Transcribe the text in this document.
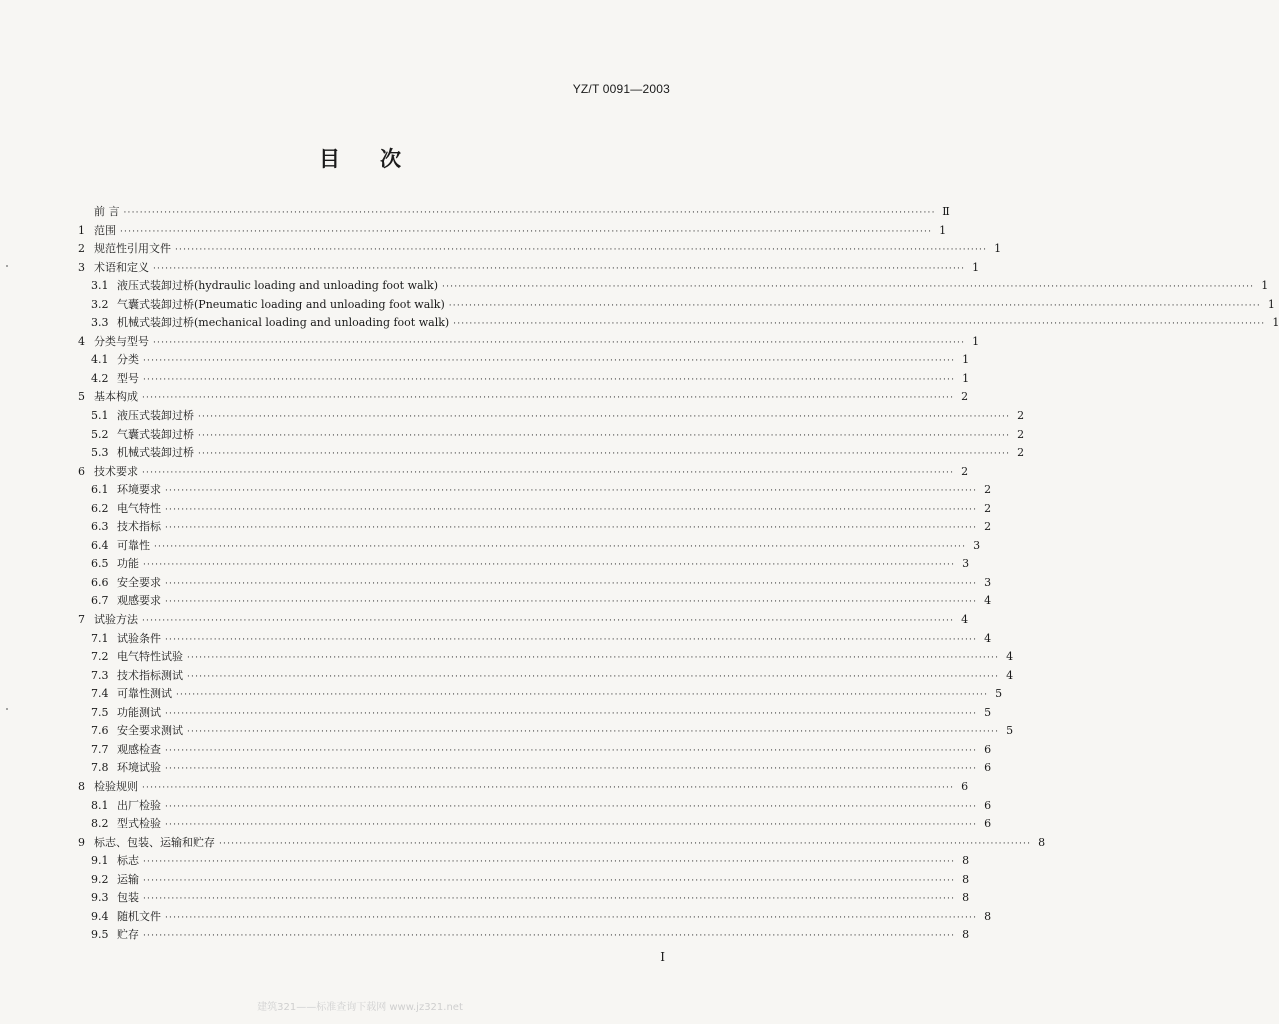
YZ/T 0091—2003
目 次
前 言 ········································································································································································································ Ⅱ
1 范围 ········································································································································································································ 1
2 规范性引用文件 ········································································································································································································ 1
3 术语和定义 ········································································································································································································ 1
3.1 液压式装卸过桥(hydraulic loading and unloading foot walk) ········································································································································································································ 1
3.2 气囊式装卸过桥(Pneumatic loading and unloading foot walk) ········································································································································································································ 1
3.3 机械式装卸过桥(mechanical loading and unloading foot walk) ········································································································································································································ 1
4 分类与型号 ········································································································································································································ 1
4.1 分类 ········································································································································································································ 1
4.2 型号 ········································································································································································································ 1
5 基本构成 ········································································································································································································ 2
5.1 液压式装卸过桥 ········································································································································································································ 2
5.2 气囊式装卸过桥 ········································································································································································································ 2
5.3 机械式装卸过桥 ········································································································································································································ 2
6 技术要求 ········································································································································································································ 2
6.1 环境要求 ········································································································································································································ 2
6.2 电气特性 ········································································································································································································ 2
6.3 技术指标 ········································································································································································································ 2
6.4 可靠性 ········································································································································································································ 3
6.5 功能 ········································································································································································································ 3
6.6 安全要求 ········································································································································································································ 3
6.7 观感要求 ········································································································································································································ 4
7 试验方法 ········································································································································································································ 4
7.1 试验条件 ········································································································································································································ 4
7.2 电气特性试验 ········································································································································································································ 4
7.3 技术指标测试 ········································································································································································································ 4
7.4 可靠性测试 ········································································································································································································ 5
7.5 功能测试 ········································································································································································································ 5
7.6 安全要求测试 ········································································································································································································ 5
7.7 观感检查 ········································································································································································································ 6
7.8 环境试验 ········································································································································································································ 6
8 检验规则 ········································································································································································································ 6
8.1 出厂检验 ········································································································································································································ 6
8.2 型式检验 ········································································································································································································ 6
9 标志、包装、运输和贮存 ········································································································································································································ 8
9.1 标志 ········································································································································································································ 8
9.2 运输 ········································································································································································································ 8
9.3 包装 ········································································································································································································ 8
9.4 随机文件 ········································································································································································································ 8
9.5 贮存 ········································································································································································································ 8
I
建筑321——标准查询下载网 www.jz321.net
